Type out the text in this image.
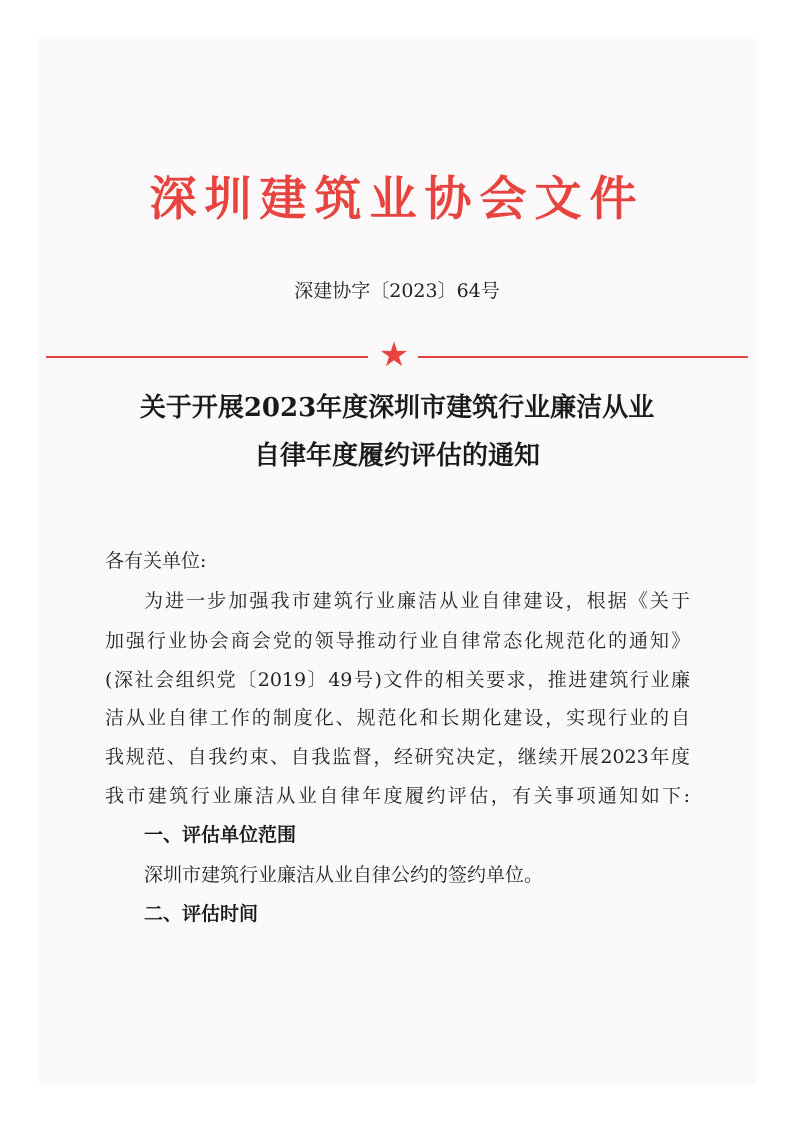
深圳建筑业协会文件
深建协字〔2023〕64号
★
关于开展2023年度深圳市建筑行业廉洁从业
自律年度履约评估的通知
各有关单位:
为进一步加强我市建筑行业廉洁从业自律建设，根据《关于
加强行业协会商会党的领导推动行业自律常态化规范化的通知》
(深社会组织党〔2019〕49号)文件的相关要求，推进建筑行业廉
洁从业自律工作的制度化、规范化和长期化建设，实现行业的自
我规范、自我约束、自我监督，经研究决定，继续开展2023年度
我市建筑行业廉洁从业自律年度履约评估，有关事项通知如下:
一、评估单位范围
深圳市建筑行业廉洁从业自律公约的签约单位。
二、评估时间
